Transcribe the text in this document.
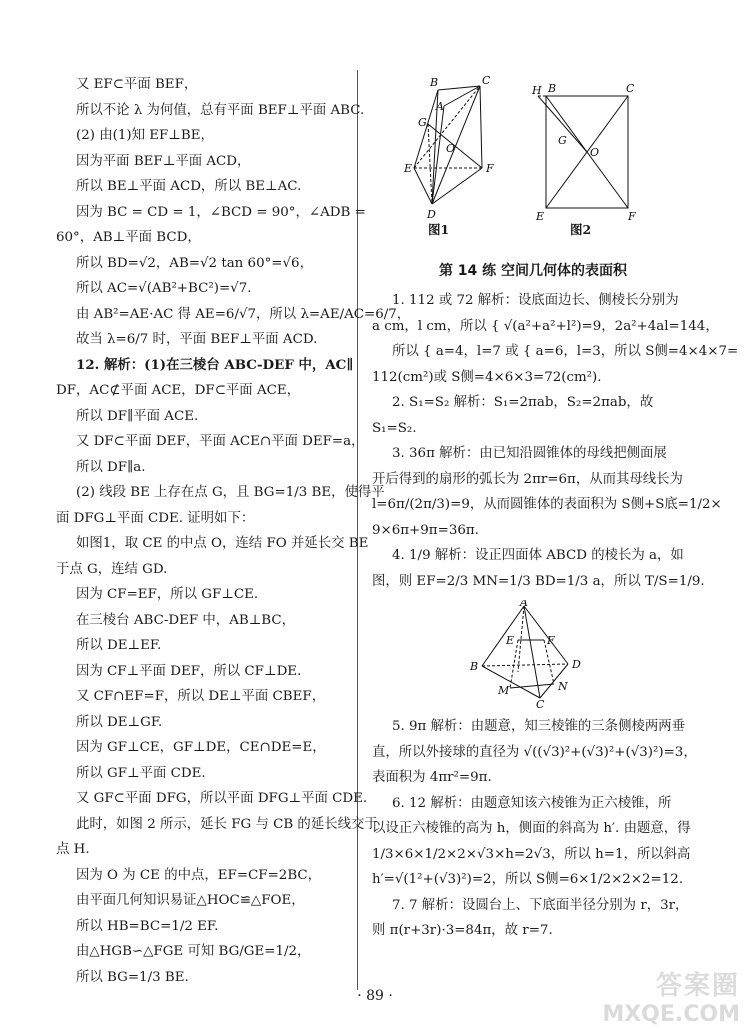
又 EF⊂平面 BEF，
所以不论 λ 为何值，总有平面 BEF⊥平面 ABC.
(2) 由(1)知 EF⊥BE，
因为平面 BEF⊥平面 ACD，
所以 BE⊥平面 ACD，所以 BE⊥AC.
因为 BC = CD = 1，∠BCD = 90°，∠ADB =
60°，AB⊥平面 BCD，
所以 BD=√2，AB=√2 tan 60°=√6，
所以 AC=√(AB²+BC²)=√7.
由 AB²=AE·AC 得 AE=6/√7，所以 λ=AE/AC=6/7，
故当 λ=6/7 时，平面 BEF⊥平面 ACD.
12. 解析：(1)在三棱台 ABC-DEF 中，AC∥
DF，AC⊄平面 ACE，DF⊂平面 ACE，
所以 DF∥平面 ACE.
又 DF⊂平面 DEF，平面 ACE∩平面 DEF=a，
所以 DF∥a.
(2) 线段 BE 上存在点 G，且 BG=1/3 BE，使得平
面 DFG⊥平面 CDE. 证明如下：
如图1，取 CE 的中点 O，连结 FO 并延长交 BE
于点 G，连结 GD.
因为 CF=EF，所以 GF⊥CE.
在三棱台 ABC-DEF 中，AB⊥BC，
所以 DE⊥EF.
因为 CF⊥平面 DEF，所以 CF⊥DE.
又 CF∩EF=F，所以 DE⊥平面 CBEF，
所以 DE⊥GF.
因为 GF⊥CE，GF⊥DE，CE∩DE=E，
所以 GF⊥平面 CDE.
又 GF⊂平面 DFG，所以平面 DFG⊥平面 CDE.
此时，如图 2 所示，延长 FG 与 CB 的延长线交于
点 H.
因为 O 为 CE 的中点，EF=CF=2BC，
由平面几何知识易证△HOC≌△FOE，
所以 HB=BC=1/2 EF.
由△HGB∽△FGE 可知 BG/GE=1/2，
所以 BG=1/3 BE.
B	C
A
G
O
E	F
D
H B	C
G
O
E	F
图1	图2
第 14 练 空间几何体的表面积
1. 112 或 72 解析：设底面边长、侧棱长分别为
a cm，l cm，所以 { √(a²+a²+l²)=9，2a²+4al=144，
所以 { a=4，l=7 或 { a=6，l=3，所以 S侧=4×4×7=
112(cm²)或 S侧=4×6×3=72(cm²).
2. S₁=S₂ 解析：S₁=2πab，S₂=2πab，故
S₁=S₂.
3. 36π 解析：由已知沿圆锥体的母线把侧面展
开后得到的扇形的弧长为 2πr=6π，从而其母线长为
l=6π/(2π/3)=9，从而圆锥体的表面积为 S侧+S底=1/2×
9×6π+9π=36π.
4. 1/9 解析：设正四面体 ABCD 的棱长为 a，如
图，则 EF=2/3 MN=1/3 BD=1/3 a，所以 T/S=1/9.
A
E	F
B	D
M	N
C
5. 9π 解析：由题意，知三棱锥的三条侧棱两两垂
直，所以外接球的直径为 √((√3)²+(√3)²+(√3)²)=3，
表面积为 4πr²=9π.
6. 12 解析：由题意知该六棱锥为正六棱锥，所
以设正六棱锥的高为 h，侧面的斜高为 h′. 由题意，得
1/3×6×1/2×2×√3×h=2√3，所以 h=1，所以斜高
h′=√(1²+(√3)²)=2，所以 S侧=6×1/2×2×2=12.
7. 7 解析：设圆台上、下底面半径分别为 r，3r，
则 π(r+3r)·3=84π，故 r=7.
· 89 ·	答案圈
MXQE.COM
